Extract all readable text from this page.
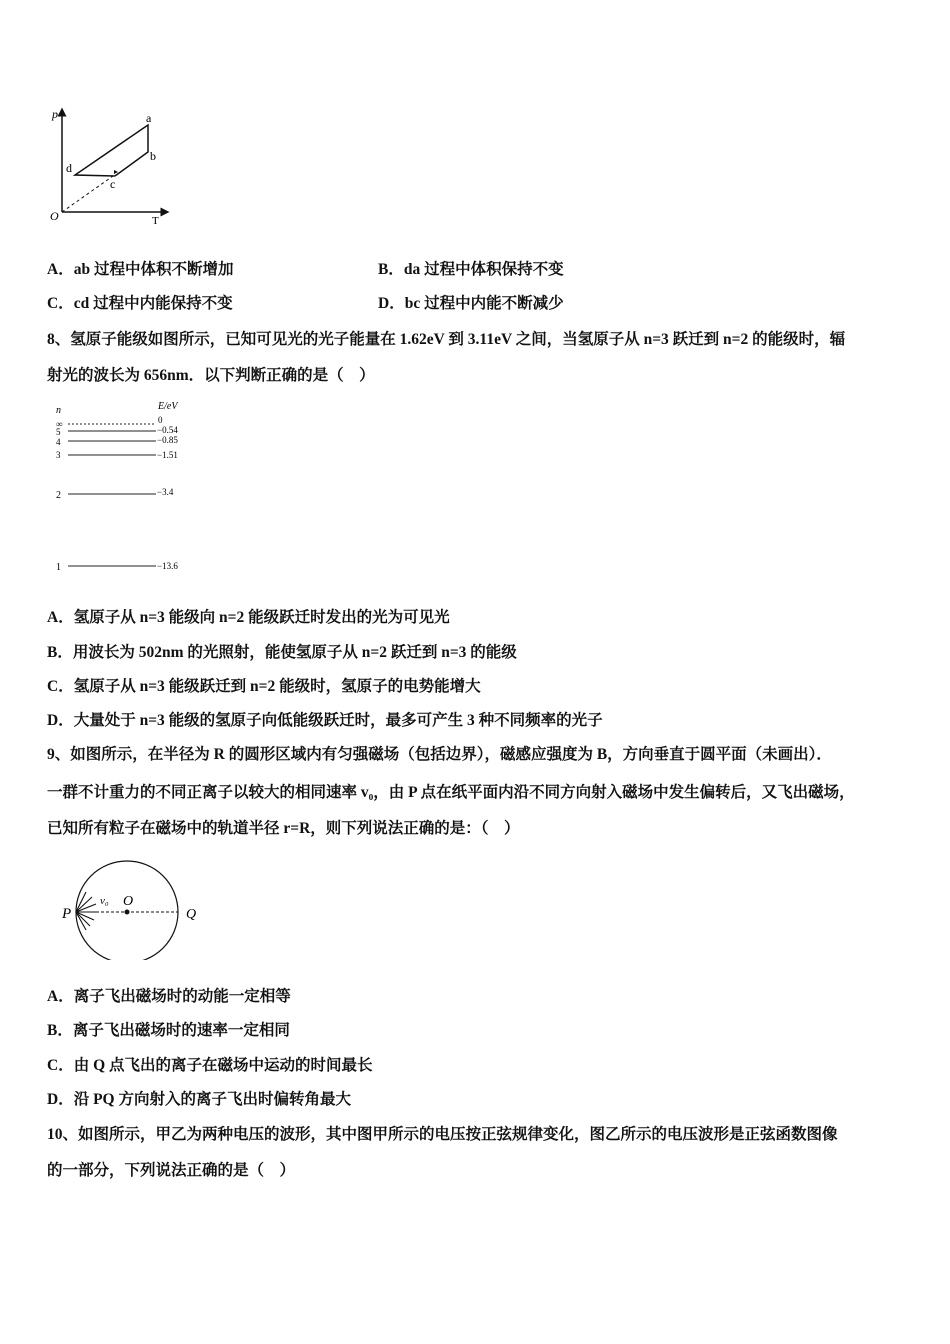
p
T
O
a
b
c
d
A．ab 过程中体积不断增加	B．da 过程中体积保持不变
C．cd 过程中内能保持不变	D．bc 过程中内能不断减少
8、氢原子能级如图所示，已知可见光的光子能量在 1.62eV 到 3.11eV 之间，当氢原子从 n=3 跃迁到 n=2 的能级时，辐
射光的波长为 656nm．以下判断正确的是（　）
n	E/eV
∞
5
4
3
2
1
0
−0.54
−0.85
−1.51
−3.4
−13.6
A．氢原子从 n=3 能级向 n=2 能级跃迁时发出的光为可见光
B．用波长为 502nm 的光照射，能使氢原子从 n=2 跃迁到 n=3 的能级
C．氢原子从 n=3 能级跃迁到 n=2 能级时，氢原子的电势能增大
D．大量处于 n=3 能级的氢原子向低能级跃迁时，最多可产生 3 种不同频率的光子
9、如图所示，在半径为 R 的圆形区域内有匀强磁场（包括边界），磁感应强度为 B，方向垂直于圆平面（未画出）．
一群不计重力的不同正离子以较大的相同速率 v₀，由 P 点在纸平面内沿不同方向射入磁场中发生偏转后，又飞出磁场，
已知所有粒子在磁场中的轨道半径 r=R，则下列说法正确的是：（　）
P
O
Q
v₀
A．离子飞出磁场时的动能一定相等
B．离子飞出磁场时的速率一定相同
C．由 Q 点飞出的离子在磁场中运动的时间最长
D．沿 PQ 方向射入的离子飞出时偏转角最大
10、如图所示，甲乙为两种电压的波形，其中图甲所示的电压按正弦规律变化，图乙所示的电压波形是正弦函数图像
的一部分，下列说法正确的是（　）
